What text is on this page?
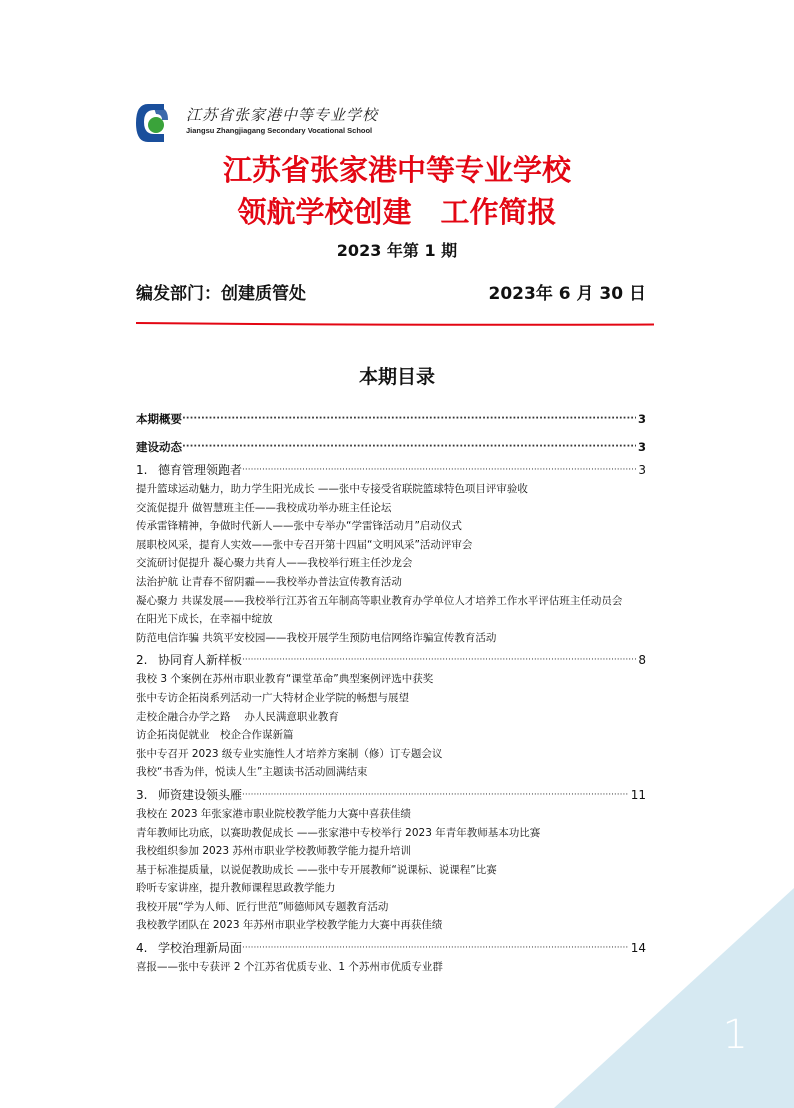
1
江苏省张家港中等专业学校
Jiangsu Zhangjiagang Secondary Vocational School
江苏省张家港中等专业学校
领航学校创建　工作简报
2023 年第 1 期
编发部门：创建质管处	2023年 6 月 30 日
本期目录
本期概要 ·····	3
建设动态 ·····	3
1. 德育管理领跑者 ·····	3
提升篮球运动魅力，助力学生阳光成长 ——张中专接受省联院篮球特色项目评审验收
交流促提升 做智慧班主任——我校成功举办班主任论坛
传承雷锋精神，争做时代新人——张中专举办“学雷锋活动月”启动仪式
展职校风采，提育人实效——张中专召开第十四届“文明风采”活动评审会
交流研讨促提升 凝心聚力共育人——我校举行班主任沙龙会
法治护航 让青春不留阴霾——我校举办普法宣传教育活动
凝心聚力 共谋发展——我校举行江苏省五年制高等职业教育办学单位人才培养工作水平评估班主任动员会
在阳光下成长，在幸福中绽放
防范电信诈骗 共筑平安校园——我校开展学生预防电信网络诈骗宣传教育活动
2. 协同育人新样板 ·····	8
我校 3 个案例在苏州市职业教育“课堂革命”典型案例评选中获奖
张中专访企拓岗系列活动一广大特材企业学院的畅想与展望
走校企融合办学之路 　办人民满意职业教育
访企拓岗促就业　校企合作谋新篇
张中专召开 2023 级专业实施性人才培养方案制（修）订专题会议
我校“书香为伴，悦读人生”主题读书活动圆满结束
3. 师资建设领头雁 ·····	11
我校在 2023 年张家港市职业院校教学能力大赛中喜获佳绩
青年教师比功底，以赛助教促成长 ——张家港中专校举行 2023 年青年教师基本功比赛
我校组织参加 2023 苏州市职业学校教师教学能力提升培训
基于标准提质量，以说促教助成长 ——张中专开展教师“说课标、说课程”比赛
聆听专家讲座，提升教师课程思政教学能力
我校开展“学为人师、匠行世范”师德师风专题教育活动
我校教学团队在 2023 年苏州市职业学校教学能力大赛中再获佳绩
4. 学校治理新局面 ·····	14
喜报——张中专获评 2 个江苏省优质专业、1 个苏州市优质专业群
